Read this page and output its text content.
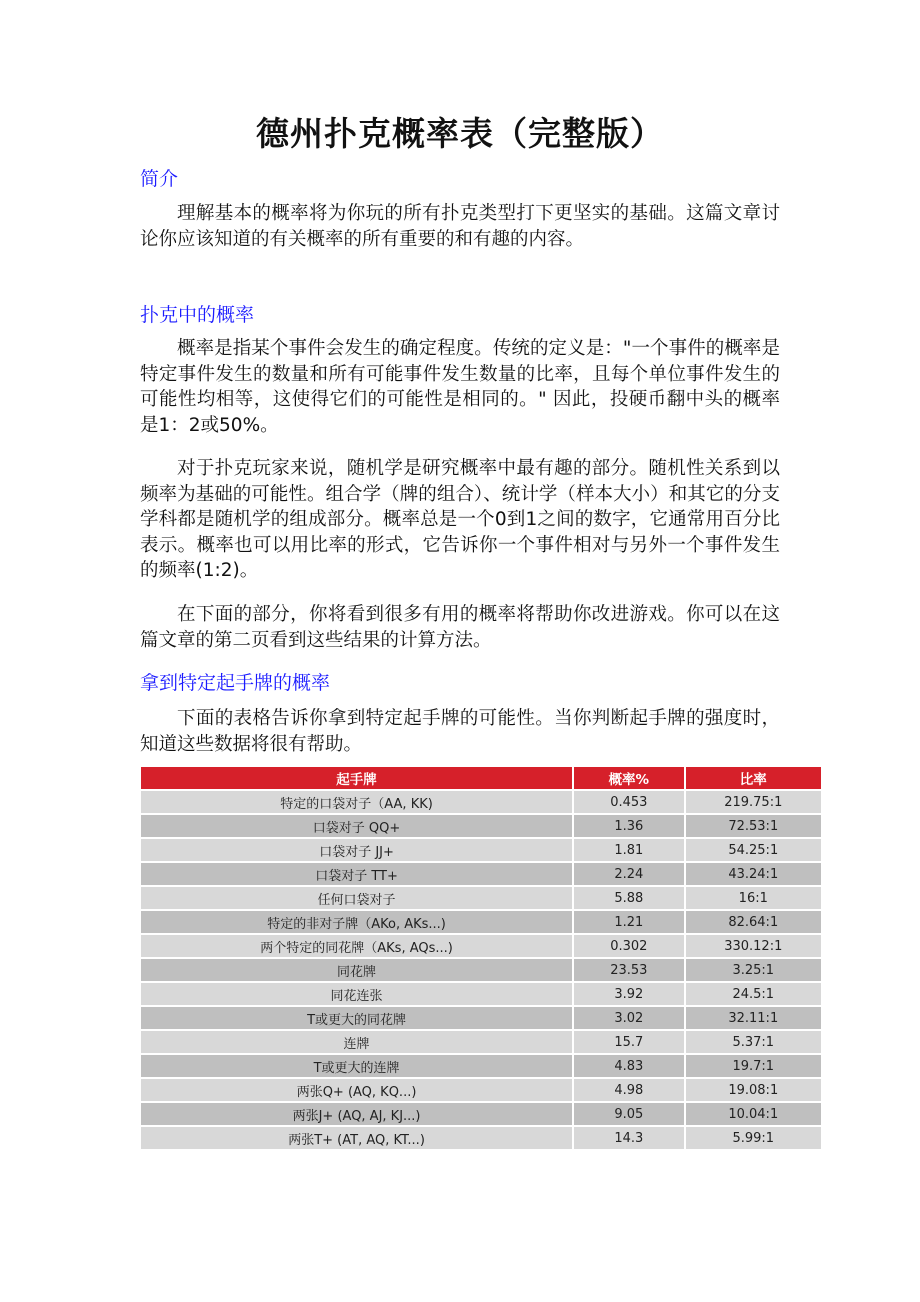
德州扑克概率表（完整版）
简介

理解基本的概率将为你玩的所有扑克类型打下更坚实的基础。这篇文章讨论你应该知道的有关概率的所有重要的和有趣的内容。

扑克中的概率

概率是指某个事件会发生的确定程度。传统的定义是："一个事件的概率是特定事件发生的数量和所有可能事件发生数量的比率，且每个单位事件发生的可能性均相等，这使得它们的可能性是相同的。" 因此，投硬币翻中头的概率是1：2或50%。

对于扑克玩家来说，随机学是研究概率中最有趣的部分。随机性关系到以频率为基础的可能性。组合学（牌的组合）、统计学（样本大小）和其它的分支学科都是随机学的组成部分。概率总是一个0到1之间的数字，它通常用百分比表示。概率也可以用比率的形式，它告诉你一个事件相对与另外一个事件发生的频率(1:2)。

在下面的部分，你将看到很多有用的概率将帮助你改进游戏。你可以在这篇文章的第二页看到这些结果的计算方法。

拿到特定起手牌的概率

下面的表格告诉你拿到特定起手牌的可能性。当你判断起手牌的强度时，知道这些数据将很有帮助。

起手牌	概率%	比率
特定的口袋对子（AA, KK)	0.453	219.75:1
口袋对子 QQ+	1.36	72.53:1
口袋对子 JJ+	1.81	54.25:1
口袋对子 TT+	2.24	43.24:1
任何口袋对子	5.88	16:1
特定的非对子牌（AKo, AKs...)	1.21	82.64:1
两个特定的同花牌（AKs, AQs...)	0.302	330.12:1
同花牌	23.53	3.25:1
同花连张	3.92	24.5:1
T或更大的同花牌	3.02	32.11:1
连牌	15.7	5.37:1
T或更大的连牌	4.83	19.7:1
两张Q+ (AQ, KQ...)	4.98	19.08:1
两张J+ (AQ, AJ, KJ...)	9.05	10.04:1
两张T+ (AT, AQ, KT...)	14.3	5.99:1
